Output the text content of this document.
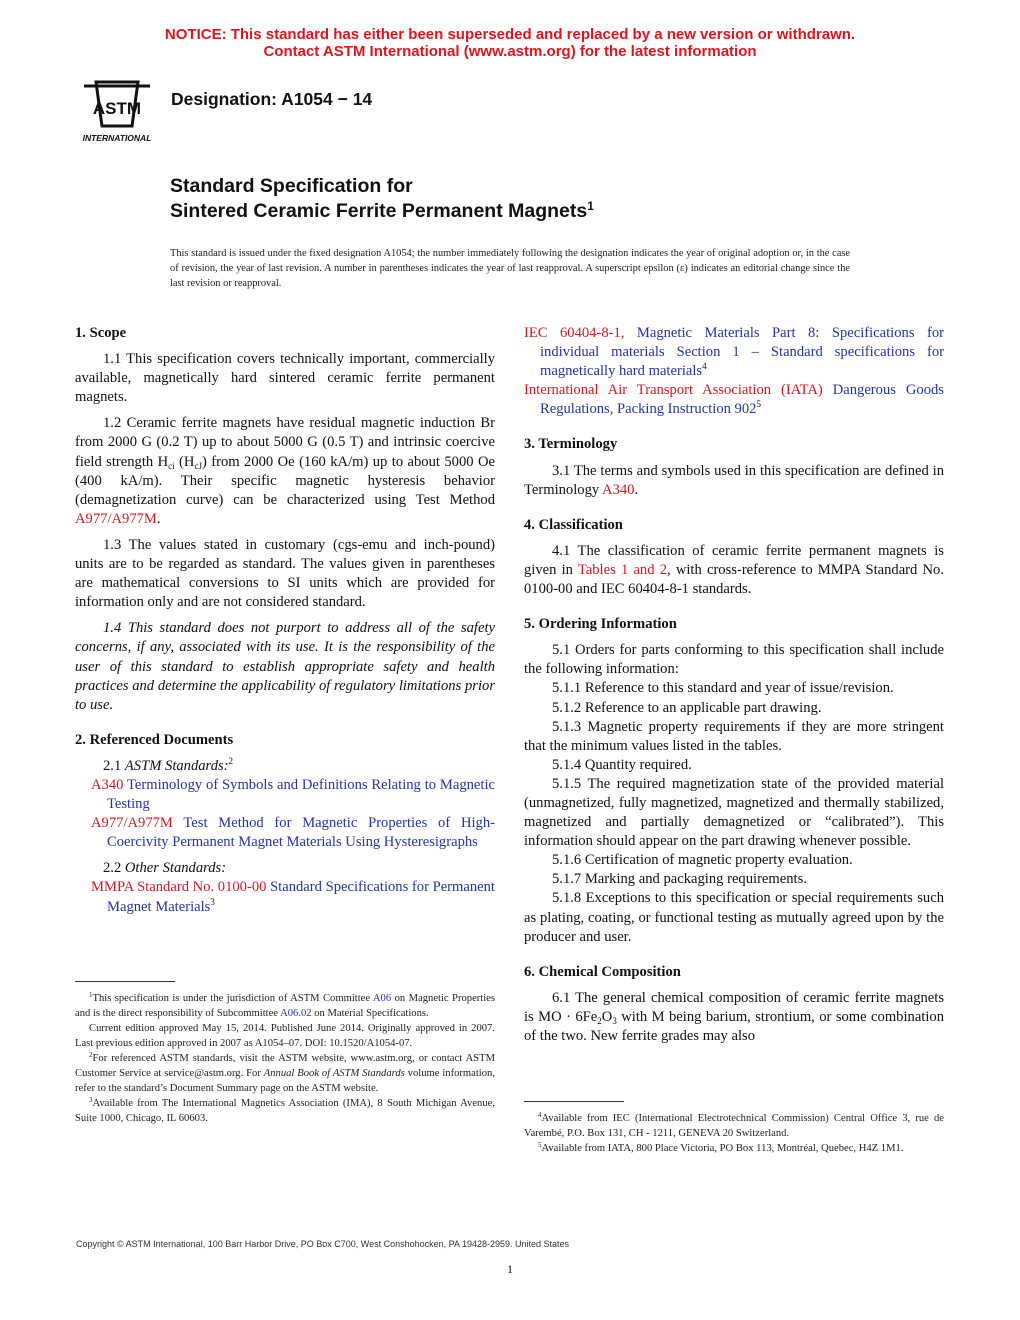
NOTICE: This standard has either been superseded and replaced by a new version or withdrawn.
Contact ASTM International (www.astm.org) for the latest information
ASTM
INTERNATIONAL
Designation: A1054 − 14
Standard Specification for
Sintered Ceramic Ferrite Permanent Magnets$^1$
This standard is issued under the fixed designation A1054; the number immediately following the designation indicates the year of original adoption or, in the case of revision, the year of last revision. A number in parentheses indicates the year of last reapproval. A superscript epsilon (ε) indicates an editorial change since the last revision or reapproval.

1. Scope

1.1 This specification covers technically important, commercially available, magnetically hard sintered ceramic ferrite permanent magnets.

1.2 Ceramic ferrite magnets have residual magnetic induction Br from 2000 G (0.2 T) up to about 5000 G (0.5 T) and intrinsic coercive field strength $H_{ci}$ $(H_{cJ})$ from 2000 Oe (160 kA/m) up to about 5000 Oe (400 kA/m). Their specific magnetic hysteresis behavior (demagnetization curve) can be characterized using Test Method A977/A977M.

1.3 The values stated in customary (cgs-emu and inch-pound) units are to be regarded as standard. The values given in parentheses are mathematical conversions to SI units which are provided for information only and are not considered standard.

1.4 This standard does not purport to address all of the safety concerns, if any, associated with its use. It is the responsibility of the user of this standard to establish appropriate safety and health practices and determine the applicability of regulatory limitations prior to use.

2. Referenced Documents

2.1 ASTM Standards:$^2$

A340 Terminology of Symbols and Definitions Relating to Magnetic Testing

A977/A977M Test Method for Magnetic Properties of High-Coercivity Permanent Magnet Materials Using Hysteresigraphs

2.2 Other Standards:

MMPA Standard No. 0100-00 Standard Specifications for Permanent Magnet Materials$^3$

$^1$This specification is under the jurisdiction of ASTM Committee A06 on Magnetic Properties and is the direct responsibility of Subcommittee A06.02 on Material Specifications.

Current edition approved May 15, 2014. Published June 2014. Originally approved in 2007. Last previous edition approved in 2007 as A1054–07. DOI: 10.1520/A1054-07.

$^2$For referenced ASTM standards, visit the ASTM website, www.astm.org, or contact ASTM Customer Service at service@astm.org. For Annual Book of ASTM Standards volume information, refer to the standard’s Document Summary page on the ASTM website.

$^3$Available from The International Magnetics Association (IMA), 8 South Michigan Avenue, Suite 1000, Chicago, IL 60603.

IEC 60404-8-1, Magnetic Materials Part 8: Specifications for individual materials Section 1 – Standard specifications for magnetically hard materials$^4$

International Air Transport Association (IATA) Dangerous Goods Regulations, Packing Instruction 902$^5$

3. Terminology

3.1 The terms and symbols used in this specification are defined in Terminology A340.

4. Classification

4.1 The classification of ceramic ferrite permanent magnets is given in Tables 1 and 2, with cross-reference to MMPA Standard No. 0100-00 and IEC 60404-8-1 standards.

5. Ordering Information

5.1 Orders for parts conforming to this specification shall include the following information:

5.1.1 Reference to this standard and year of issue/revision.

5.1.2 Reference to an applicable part drawing.

5.1.3 Magnetic property requirements if they are more stringent that the minimum values listed in the tables.

5.1.4 Quantity required.

5.1.5 The required magnetization state of the provided material (unmagnetized, fully magnetized, magnetized and thermally stabilized, magnetized and partially demagnetized or “calibrated”). This information should appear on the part drawing whenever possible.

5.1.6 Certification of magnetic property evaluation.

5.1.7 Marking and packaging requirements.

5.1.8 Exceptions to this specification or special requirements such as plating, coating, or functional testing as mutually agreed upon by the producer and user.

6. Chemical Composition

6.1 The general chemical composition of ceramic ferrite magnets is MO · $6Fe_2O_3$ with M being barium, strontium, or some combination of the two. New ferrite grades may also

$^4$Available from IEC (International Electrotechnical Commission) Central Office 3, rue de Varembé, P.O. Box 131, CH - 1211, GENEVA 20 Switzerland.

$^5$Available from IATA, 800 Place Victoria, PO Box 113, Montréal, Quebec, H4Z 1M1.

Copyright © ASTM International, 100 Barr Harbor Drive, PO Box C700, West Conshohocken, PA 19428-2959. United States
1
